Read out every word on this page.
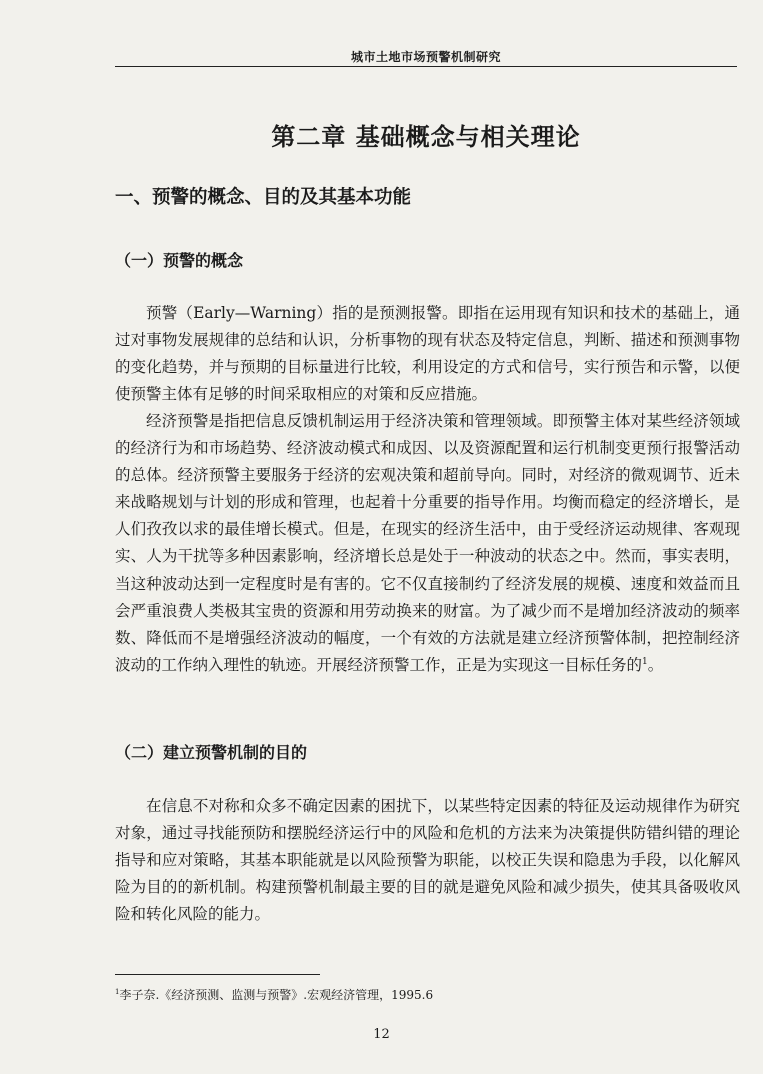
城市土地市场预警机制研究
第二章 基础概念与相关理论
一、预警的概念、目的及其基本功能
（一）预警的概念

预警（Early—Warning）指的是预测报警。即指在运用现有知识和技术的基础上，通过对事物发展规律的总结和认识，分析事物的现有状态及特定信息，判断、描述和预测事物的变化趋势，并与预期的目标量进行比较，利用设定的方式和信号，实行预告和示警，以便使预警主体有足够的时间采取相应的对策和反应措施。

经济预警是指把信息反馈机制运用于经济决策和管理领域。即预警主体对某些经济领域的经济行为和市场趋势、经济波动模式和成因、以及资源配置和运行机制变更预行报警活动的总体。经济预警主要服务于经济的宏观决策和超前导向。同时，对经济的微观调节、近未来战略规划与计划的形成和管理，也起着十分重要的指导作用。均衡而稳定的经济增长，是人们孜孜以求的最佳增长模式。但是，在现实的经济生活中，由于受经济运动规律、客观现实、人为干扰等多种因素影响，经济增长总是处于一种波动的状态之中。然而，事实表明，当这种波动达到一定程度时是有害的。它不仅直接制约了经济发展的规模、速度和效益而且会严重浪费人类极其宝贵的资源和用劳动换来的财富。为了减少而不是增加经济波动的频率数、降低而不是增强经济波动的幅度，一个有效的方法就是建立经济预警体制，把控制经济波动的工作纳入理性的轨迹。开展经济预警工作，正是为实现这一目标任务的$^1$。

（二）建立预警机制的目的

在信息不对称和众多不确定因素的困扰下，以某些特定因素的特征及运动规律作为研究对象，通过寻找能预防和摆脱经济运行中的风险和危机的方法来为决策提供防错纠错的理论指导和应对策略，其基本职能就是以风险预警为职能，以校正失误和隐患为手段，以化解风险为目的的新机制。构建预警机制最主要的目的就是避免风险和减少损失，使其具备吸收风险和转化风险的能力。

$^1$李子奈.《经济预测、监测与预警》.宏观经济管理，1995.6
12
